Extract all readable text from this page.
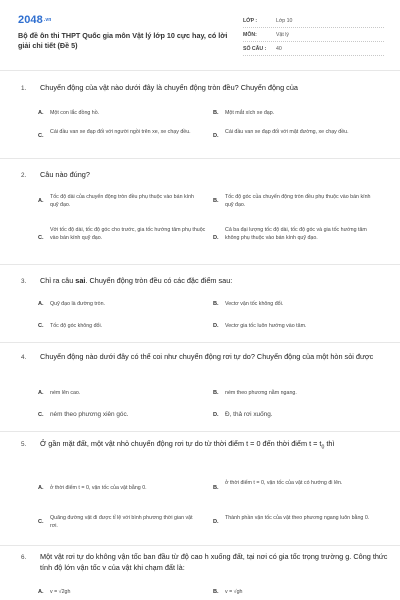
2048.vn
Bộ đề ôn thi THPT Quốc gia môn Vật lý lớp 10 cực hay, có lời giải chi tiết (Đề 5)
LỚP :	Lớp 10
MÔN:	Vật lý
SỐ CÂU : 40
1. Chuyển động của vật nào dưới đây là chuyển động tròn đều? Chuyển động của
A. Một con lắc đồng hồ.	B. Một mắt xích xe đạp.
C.
Cái đầu van xe đạp đối với người ngồi trên xe, xe chạy đều.
D.
Cái đầu van xe đạp đối với mặt đường, xe chạy đều.
2. Câu nào đúng?
A.
Tốc độ dài của chuyển động tròn đều phụ thuộc vào bán kính quỹ đạo.
B.
Tốc độ góc của chuyển động tròn đều phụ thuộc vào bán kính quỹ đạo.
C.
Với tốc độ dài, tốc độ góc cho trước, gia tốc hướng tâm phụ thuộc vào bán kính quỹ đạo.	D.
Cả ba đại lượng tốc độ dài, tốc độ góc và gia tốc hướng tâm không phụ thuộc vào bán kính quỹ đạo.
3. Chỉ ra câu sai. Chuyển động tròn đều có các đặc điểm sau:
A. Quỹ đạo là đường tròn.	B. Vectơ vận tốc không đổi.
C. Tốc độ góc không đổi.	D. Vectơ gia tốc luôn hướng vào tâm.
4. Chuyển động nào dưới đây có thể coi như chuyển động rơi tự do? Chuyển động của một hòn sỏi được
A. ném lên cao.	B. ném theo phương nằm ngang.
C. ném theo phương xiên góc.	D. Đ, thả rơi xuống.
5. Ở gần mặt đất, một vật nhỏ chuyển động rơi tự do từ thời điểm t = 0 đến thời điểm $t = t_0$ thì
A. ở thời điểm t = 0, vận tốc của vật bằng 0.	B.
ở thời điểm t = 0, vận tốc của vật có hướng đi lên.
C.
Quãng đường vật đi được tỉ lệ với bình phương thời gian vật rơi.
D.
Thành phần vận tốc của vật theo phương ngang luôn bằng 0.
6. Một vật rơi tự do không vận tốc ban đầu từ độ cao h xuống đất, tại nơi có gia tốc trọng trường g. Công thức tính độ lớn vận tốc v của vật khi chạm đất là:
A. v = √2gh	B. v = √gh
